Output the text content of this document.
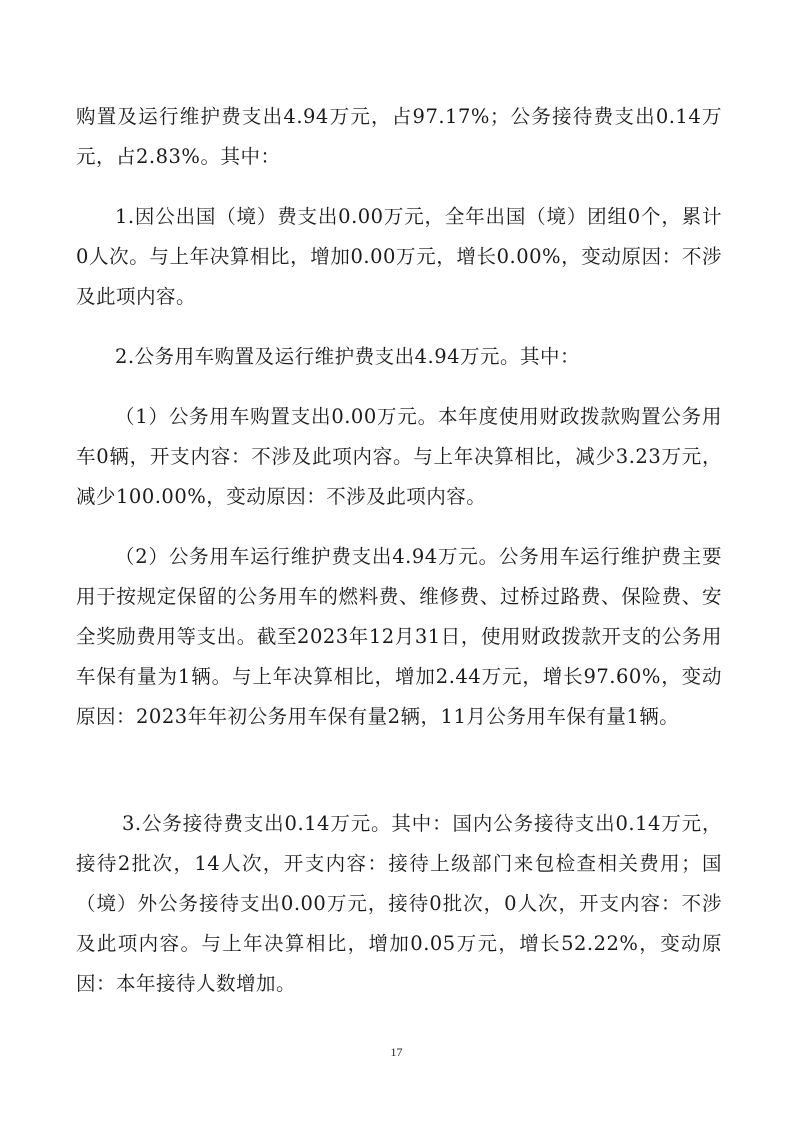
购置及运行维护费支出4.94万元，占97.17%；公务接待费支出0.14万元，占2.83%。其中：

1.因公出国（境）费支出0.00万元，全年出国（境）团组0个，累计0人次。与上年决算相比，增加0.00万元，增长0.00%，变动原因：不涉及此项内容。

2.公务用车购置及运行维护费支出4.94万元。其中：

（1）公务用车购置支出0.00万元。本年度使用财政拨款购置公务用车0辆，开支内容：不涉及此项内容。与上年决算相比，减少3.23万元，减少100.00%，变动原因：不涉及此项内容。

（2）公务用车运行维护费支出4.94万元。公务用车运行维护费主要用于按规定保留的公务用车的燃料费、维修费、过桥过路费、保险费、安全奖励费用等支出。截至2023年12月31日，使用财政拨款开支的公务用车保有量为1辆。与上年决算相比，增加2.44万元，增长97.60%，变动原因：2023年年初公务用车保有量2辆，11月公务用车保有量1辆。

3.公务接待费支出0.14万元。其中：国内公务接待支出0.14万元，接待2批次，14人次，开支内容：接待上级部门来包检查相关费用；国（境）外公务接待支出0.00万元，接待0批次，0人次，开支内容：不涉及此项内容。与上年决算相比，增加0.05万元，增长52.22%，变动原因：本年接待人数增加。

17
